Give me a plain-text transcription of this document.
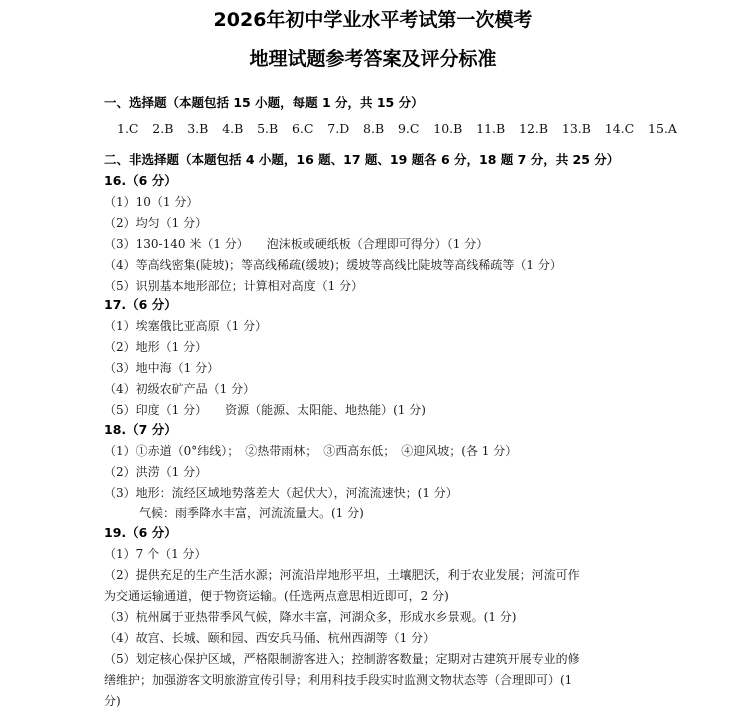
2026年初中学业水平考试第一次模考
地理试题参考答案及评分标准
一、选择题（本题包括 15 小题，每题 1 分，共 15 分）
1.C 2.B 3.B 4.B 5.B 6.C 7.D 8.B 9.C 10.B 11.B 12.B 13.B 14.C 15.A
二、非选择题（本题包括 4 小题，16 题、17 题、19 题各 6 分，18 题 7 分，共 25 分）
16.（6 分）
（1）10（1 分）
（2）均匀（1 分）
（3）130-140 米（1 分）　　泡沫板或硬纸板（合理即可得分）（1 分）
（4）等高线密集(陡坡)；等高线稀疏(缓坡)；缓坡等高线比陡坡等高线稀疏等（1 分）
（5）识别基本地形部位；计算相对高度（1 分）
17.（6 分）
（1）埃塞俄比亚高原（1 分）
（2）地形（1 分）
（3）地中海（1 分）
（4）初级农矿产品（1 分）
（5）印度（1 分）　　资源（能源、太阳能、地热能）(1 分)
18.（7 分）
（1）①赤道（0°纬线）；　②热带雨林；　③西高东低；　④迎风坡；(各 1 分）
（2）洪涝（1 分）
（3）地形：流经区域地势落差大（起伏大），河流流速快；(1 分）
气候：雨季降水丰富，河流流量大。(1 分)
19.（6 分）
（1）7 个（1 分）
（2）提供充足的生产生活水源；河流沿岸地形平坦，土壤肥沃，利于农业发展；河流可作
为交通运输通道，便于物资运输。(任选两点意思相近即可，2 分)
（3）杭州属于亚热带季风气候，降水丰富，河湖众多，形成水乡景观。(1 分)
（4）故宫、长城、颐和园、西安兵马俑、杭州西湖等（1 分）
（5）划定核心保护区域，严格限制游客进入；控制游客数量；定期对古建筑开展专业的修
缮维护；加强游客文明旅游宣传引导；利用科技手段实时监测文物状态等（合理即可）(1
分)
